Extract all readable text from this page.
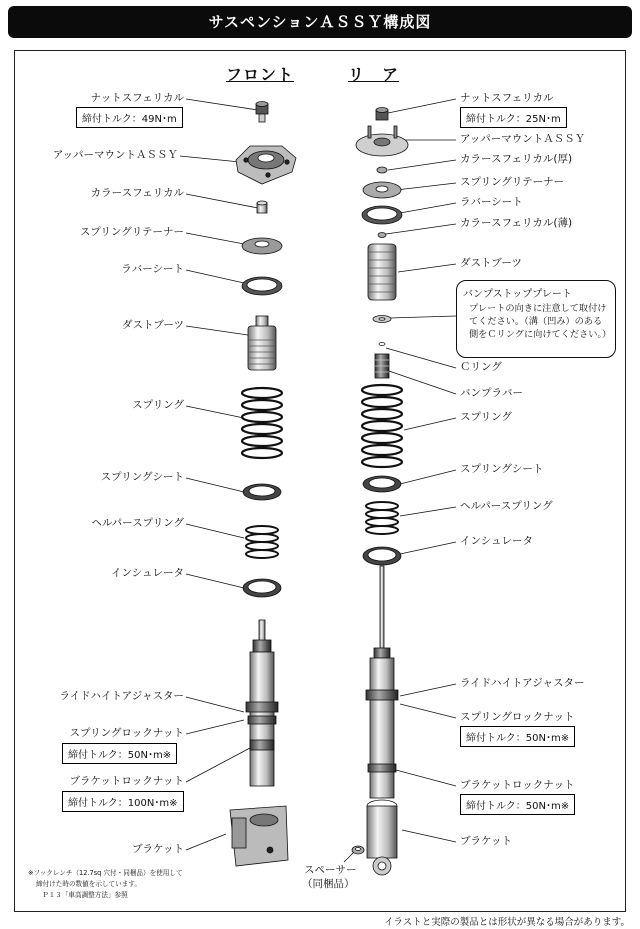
サスペンションＡＳＳＹ構成図
フロント	リ　ア
ナットスフェリカル
締付トルク：49N･m
アッパーマウントＡＳＳＹ
カラースフェリカル
スプリングリテーナー
ラバーシート
ダストブーツ
スプリング
スプリングシート
ヘルパースプリング
インシュレータ
ライドハイトアジャスター
スプリングロックナット
締付トルク：50N･m※
ブラケットロックナット
締付トルク：100N･m※
ブラケット
ナットスフェリカル
締付トルク：25N･m
アッパーマウントＡＳＳＹ
カラースフェリカル(厚)
スプリングリテーナー
ラバーシート
カラースフェリカル(薄)
ダストブーツ
バンプストッププレート
プレートの向きに注意して取付けてください。（溝（凹み）のある側をＣリングに向けてください。）
Ｃリング
バンプラバー
スプリング
スプリングシート
ヘルパースプリング
インシュレータ
ライドハイトアジャスター
スプリングロックナット
締付トルク：50N･m※
ブラケットロックナット
締付トルク：50N･m※
ブラケット
スペーサー
（同梱品）
※フックレンチ（12.7sq 穴付・同梱品）を使用して
締付けた時の数値を示しています。
Ｐ１３「車高調整方法」参照
イラストと実際の製品とは形状が異なる場合があります。
